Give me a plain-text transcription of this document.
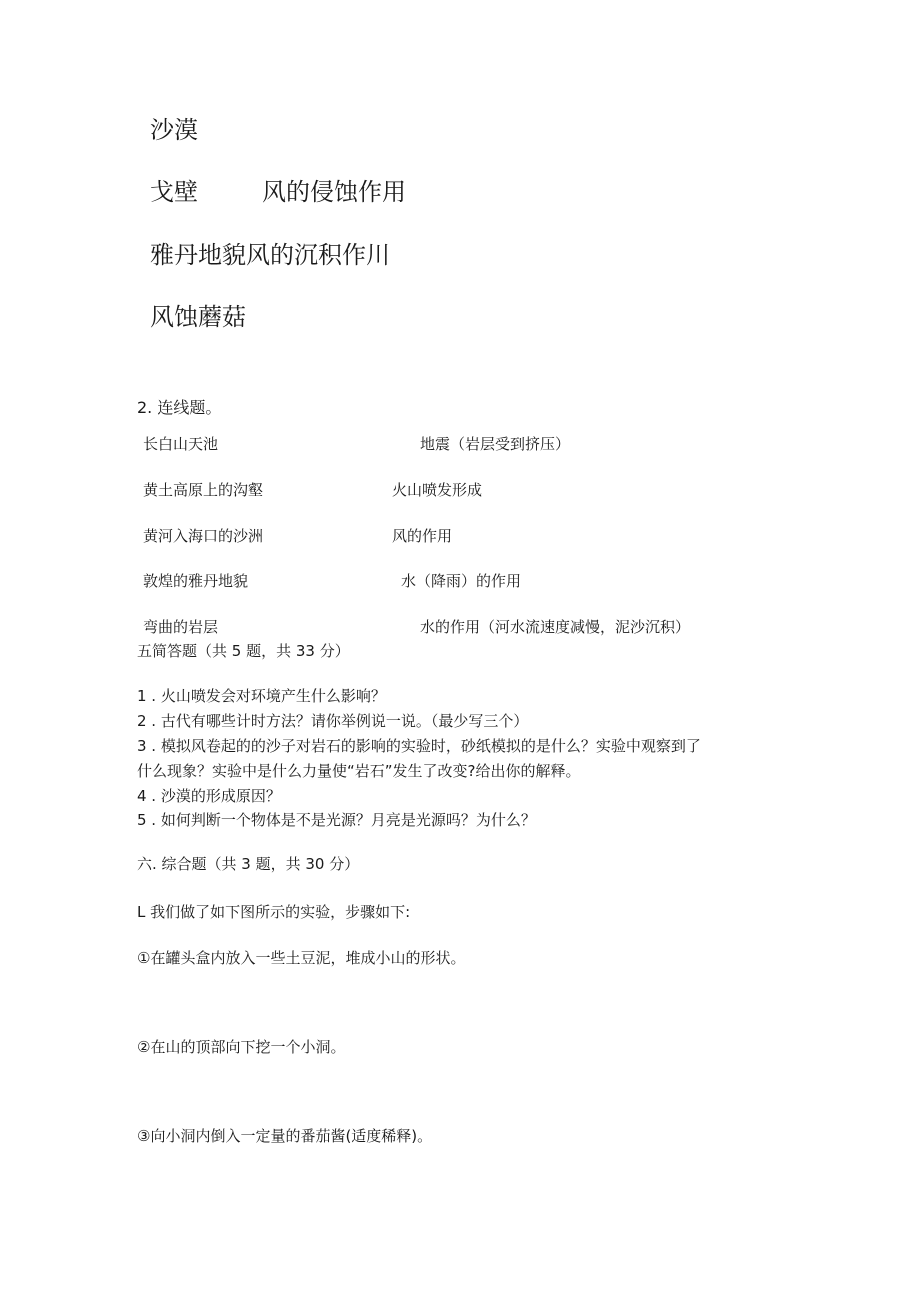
沙漠
戈壁	风的侵蚀作用
雅丹地貌风的沉积作川
风蚀蘑菇
2. 连线题。
长白山天池
黄土高原上的沟壑
黄河入海口的沙洲
敦煌的雅丹地貌
弯曲的岩层
地震（岩层受到挤压）
火山喷发形成
风的作用
水（降雨）的作用
水的作用（河水流速度减慢，泥沙沉积）
五简答题（共 5 题，共 33 分）
1 . 火山喷发会对环境产生什么影响？
2 . 古代有哪些计时方法？请你举例说一说。（最少写三个）
3 . 模拟风卷起的的沙子对岩石的影响的实验时，砂纸模拟的是什么？实验中观察到了
什么现象？实验中是什么力量使“岩石”发生了改变?给出你的解释。
4 . 沙漠的形成原因？
5 . 如何判断一个物体是不是光源？月亮是光源吗？为什么？
六. 综合题（共 3 题，共 30 分）
L 我们做了如下图所示的实验，步骤如下:
①在罐头盒内放入一些土豆泥，堆成小山的形状。
②在山的顶部向下挖一个小洞。
③向小洞内倒入一定量的番茄酱(适度稀释)。
